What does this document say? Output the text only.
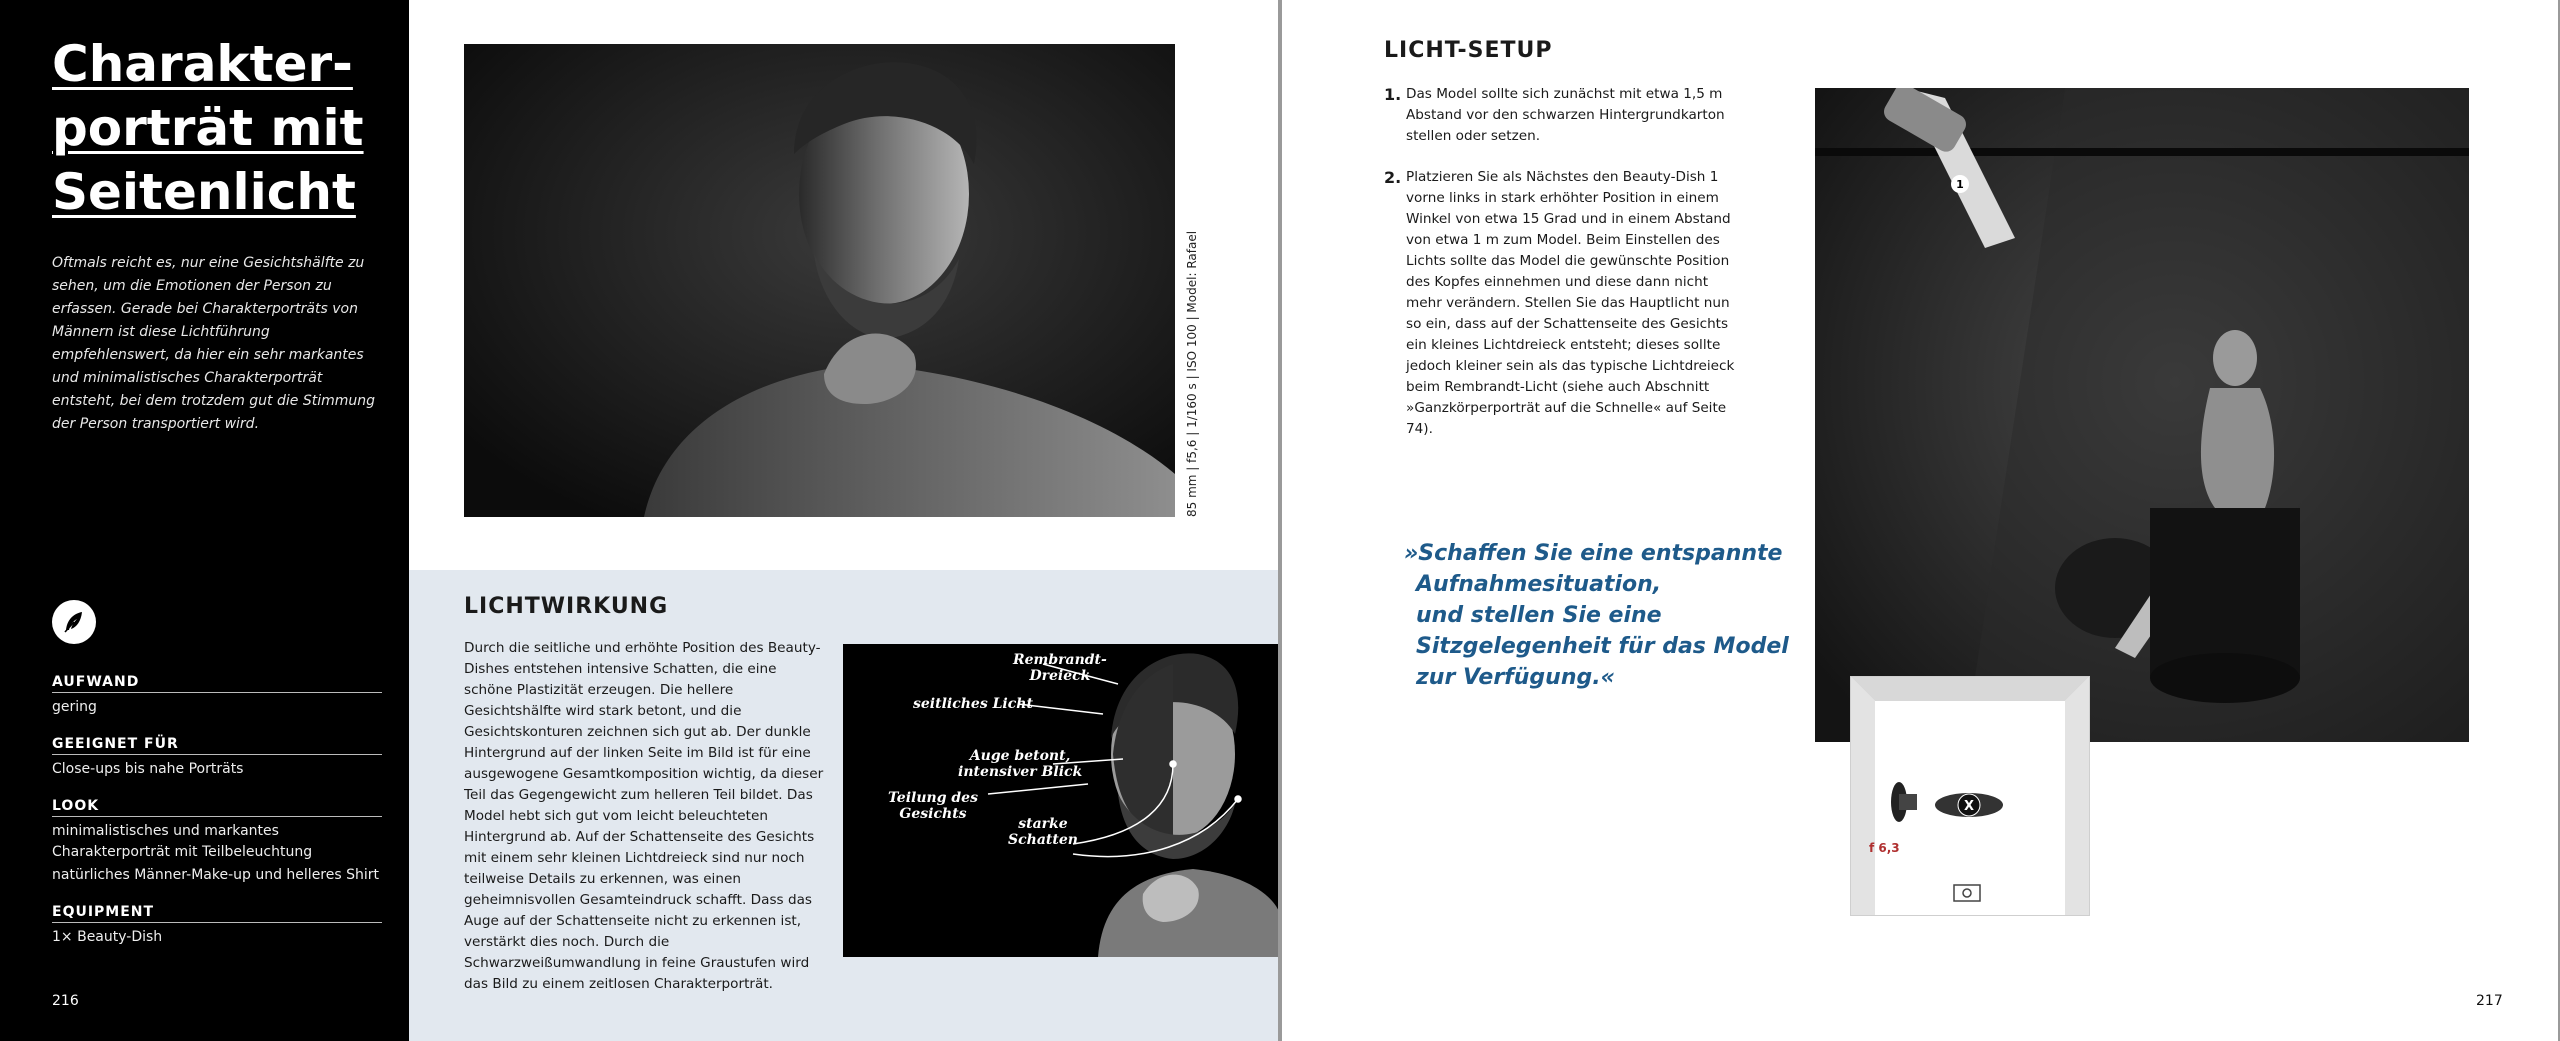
Charakter-
porträt mit
Seitenlicht
Oftmals reicht es, nur eine Gesichtshälfte zu sehen, um die Emotionen der Person zu erfassen. Gerade bei Charakterporträts von Männern ist diese Lichtführung empfehlenswert, da hier ein sehr markantes und minimalistisches Charakterporträt entsteht, bei dem trotzdem gut die Stimmung der Person transportiert wird.
AUFWAND
gering
GEEIGNET FÜR
Close-ups bis nahe Porträts
LOOK
minimalistisches und markantes Charakterporträt mit Teilbeleuchtung
natürliches Männer-Make-up und helleres Shirt
EQUIPMENT
1× Beauty-Dish
216
85 mm | f5,6 | 1/160 s | ISO 100 | Model: Rafael
LICHTWIRKUNG
Durch die seitliche und erhöhte Position des Beauty-Dishes entstehen intensive Schatten, die eine schöne Plastizität erzeugen. Die hellere Gesichtshälfte wird stark betont, und die Gesichtskonturen zeichnen sich gut ab. Der dunkle Hintergrund auf der linken Seite im Bild ist für eine ausgewogene Gesamtkomposition wichtig, da dieser Teil das Gegengewicht zum helleren Teil bildet. Das Model hebt sich gut vom leicht beleuchteten Hintergrund ab. Auf der Schattenseite des Gesichts mit einem sehr kleinen Lichtdreieck sind nur noch teilweise Details zu erkennen, was einen geheimnisvollen Gesamteindruck schafft. Dass das Auge auf der Schattenseite nicht zu erkennen ist, verstärkt dies noch. Durch die Schwarzweißumwandlung in feine Graustufen wird das Bild zu einem zeitlosen Charakterporträt.
Rembrandt-
Dreieck
seitliches Licht
Auge betont,
intensiver Blick
Teilung des
Gesichts
starke
Schatten
LICHT-SETUP
1. Das Model sollte sich zunächst mit etwa 1,5 m Abstand vor den schwarzen Hintergrundkarton stellen oder setzen.
2. Platzieren Sie als Nächstes den Beauty-Dish 1 vorne links in stark erhöhter Position in einem Winkel von etwa 15 Grad und in einem Abstand von etwa 1 m zum Model. Beim Einstellen des Lichts sollte das Model die gewünschte Position des Kopfes einnehmen und diese dann nicht mehr verändern. Stellen Sie das Hauptlicht nun so ein, dass auf der Schattenseite des Gesichts ein kleines Lichtdreieck entsteht; dieses sollte jedoch kleiner sein als das typische Lichtdreieck beim Rembrandt-Licht (siehe auch Abschnitt »Ganzkörperporträt auf die Schnelle« auf Seite 74).
»Schaffen Sie eine entspannte
Aufnahmesituation,
und stellen Sie eine
Sitzgelegenheit für das Model
zur Verfügung.«
1
f 6,3
X
217
